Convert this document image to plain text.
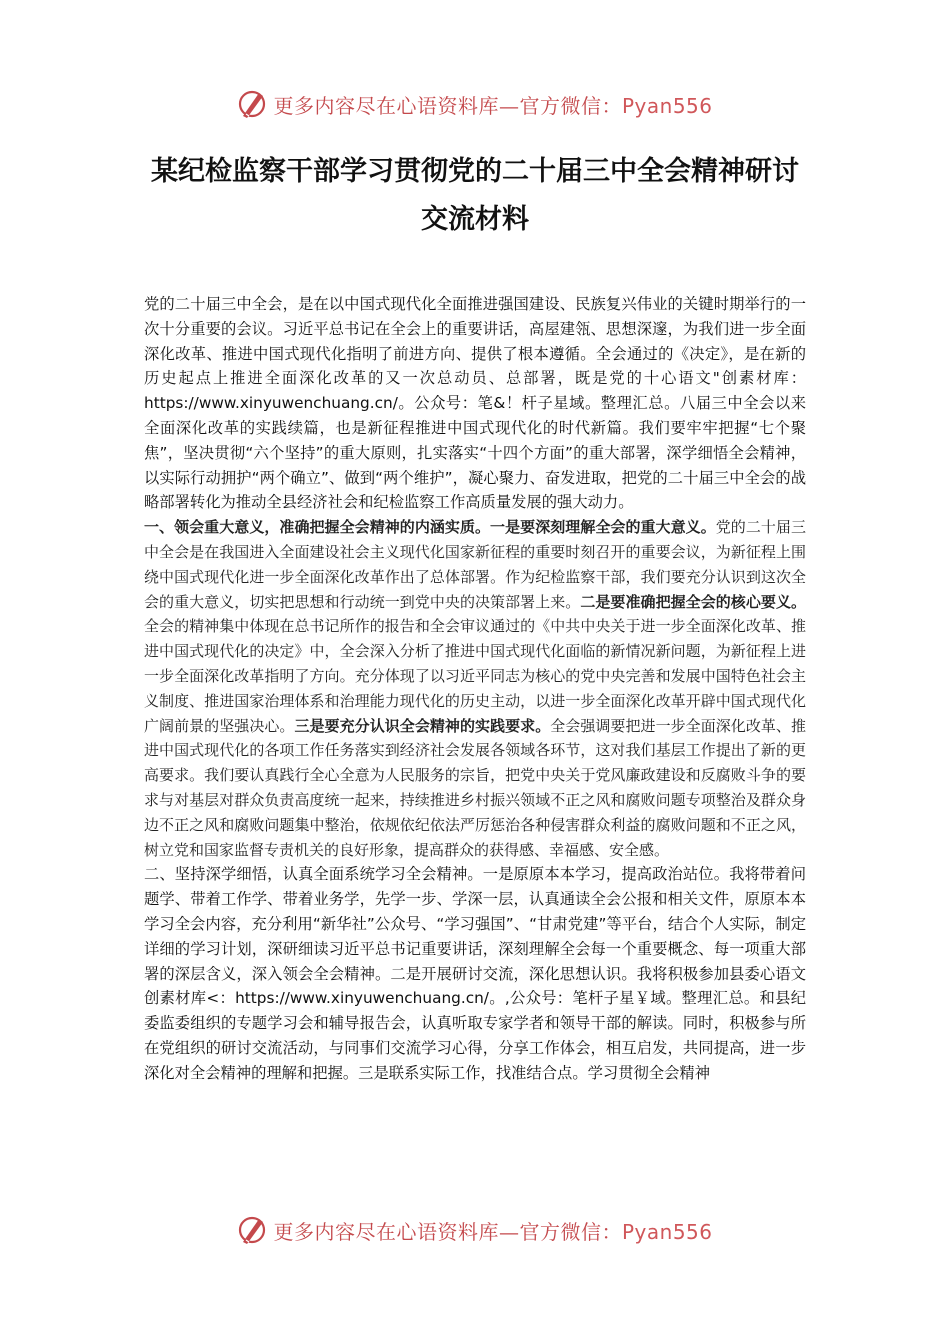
更多内容尽在心语资料库—官方微信：Pyan556
某纪检监察干部学习贯彻党的二十届三中全会精神研讨交流材料

党的二十届三中全会，是在以中国式现代化全面推进强国建设、民族复兴伟业的关键时期举行的一次十分重要的会议。习近平总书记在全会上的重要讲话，高屋建瓴、思想深邃，为我们进一步全面深化改革、推进中国式现代化指明了前进方向、提供了根本遵循。全会通过的《决定》，是在新的历史起点上推进全面深化改革的又一次总动员、总部署，既是党的十心语文"创素材库：https://www.xinyuwenchuang.cn/。公众号：笔&！杆子星域。整理汇总。八届三中全会以来全面深化改革的实践续篇，也是新征程推进中国式现代化的时代新篇。我们要牢牢把握“七个聚焦”，坚决贯彻“六个坚持”的重大原则，扎实落实“十四个方面”的重大部署，深学细悟全会精神，以实际行动拥护“两个确立”、做到“两个维护”，凝心聚力、奋发进取，把党的二十届三中全会的战略部署转化为推动全县经济社会和纪检监察工作高质量发展的强大动力。

一、领会重大意义，准确把握全会精神的内涵实质。一是要深刻理解全会的重大意义。党的二十届三中全会是在我国进入全面建设社会主义现代化国家新征程的重要时刻召开的重要会议，为新征程上围绕中国式现代化进一步全面深化改革作出了总体部署。作为纪检监察干部，我们要充分认识到这次全会的重大意义，切实把思想和行动统一到党中央的决策部署上来。二是要准确把握全会的核心要义。全会的精神集中体现在总书记所作的报告和全会审议通过的《中共中央关于进一步全面深化改革、推进中国式现代化的决定》中，全会深入分析了推进中国式现代化面临的新情况新问题，为新征程上进一步全面深化改革指明了方向。充分体现了以习近平同志为核心的党中央完善和发展中国特色社会主义制度、推进国家治理体系和治理能力现代化的历史主动，以进一步全面深化改革开辟中国式现代化广阔前景的坚强决心。三是要充分认识全会精神的实践要求。全会强调要把进一步全面深化改革、推进中国式现代化的各项工作任务落实到经济社会发展各领域各环节，这对我们基层工作提出了新的更高要求。我们要认真践行全心全意为人民服务的宗旨，把党中央关于党风廉政建设和反腐败斗争的要求与对基层对群众负责高度统一起来，持续推进乡村振兴领域不正之风和腐败问题专项整治及群众身边不正之风和腐败问题集中整治，依规依纪依法严厉惩治各种侵害群众利益的腐败问题和不正之风，树立党和国家监督专责机关的良好形象，提高群众的获得感、幸福感、安全感。

二、坚持深学细悟，认真全面系统学习全会精神。一是原原本本学习，提高政治站位。我将带着问题学、带着工作学、带着业务学，先学一步、学深一层，认真通读全会公报和相关文件，原原本本学习全会内容，充分利用“新华社”公众号、“学习强国”、“甘肃党建”等平台，结合个人实际，制定详细的学习计划，深研细读习近平总书记重要讲话，深刻理解全会每一个重要概念、每一项重大部署的深层含义，深入领会全会精神。二是开展研讨交流，深化思想认识。我将积极参加县委心语文创素材库<：https://www.xinyuwenchuang.cn/。,公众号：笔杆子星￥域。整理汇总。和县纪委监委组织的专题学习会和辅导报告会，认真听取专家学者和领导干部的解读。同时，积极参与所在党组织的研讨交流活动，与同事们交流学习心得，分享工作体会，相互启发，共同提高，进一步深化对全会精神的理解和把握。三是联系实际工作，找准结合点。学习贯彻全会精神

更多内容尽在心语资料库—官方微信：Pyan556
